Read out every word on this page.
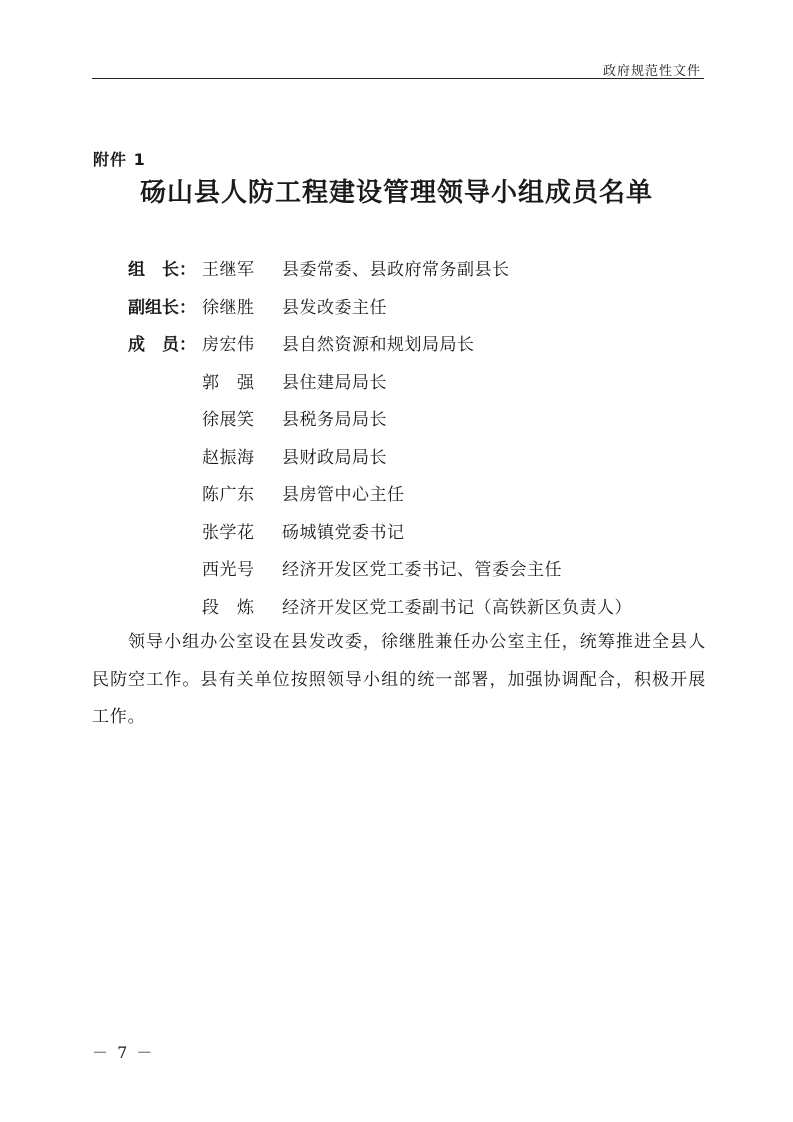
政府规范性文件
附件 1
砀山县人防工程建设管理领导小组成员名单
组　长： 王继军	县委常委、县政府常务副县长
副组长： 徐继胜	县发改委主任
成　员： 房宏伟	县自然资源和规划局局长
郭　强	县住建局局长
徐展笑	县税务局局长
赵振海	县财政局局长
陈广东	县房管中心主任
张学花	砀城镇党委书记
西光号	经济开发区党工委书记、管委会主任
段　炼	经济开发区党工委副书记（高铁新区负责人）

领导小组办公室设在县发改委，徐继胜兼任办公室主任，统筹推进全县人民防空工作。县有关单位按照领导小组的统一部署，加强协调配合，积极开展工作。

－ 7 －
